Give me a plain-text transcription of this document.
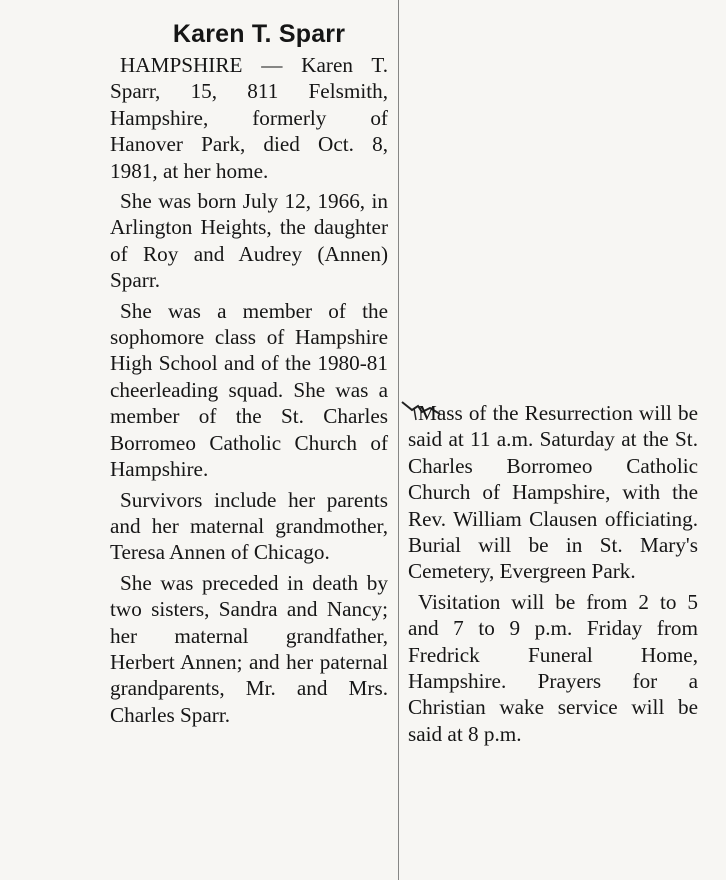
Karen T. Sparr

HAMPSHIRE — Karen T. Sparr, 15, 811 Felsmith, Hampshire, formerly of Hanover Park, died Oct. 8, 1981, at her home.

She was born July 12, 1966, in Arlington Heights, the daughter of Roy and Audrey (Annen) Sparr.

She was a member of the sophomore class of Hampshire High School and of the 1980-81 cheerleading squad. She was a member of the St. Charles Borromeo Catholic Church of Hampshire.

Survivors include her parents and her maternal grandmother, Teresa Annen of Chicago.

She was preceded in death by two sisters, Sandra and Nancy; her maternal grandfather, Herbert Annen; and her paternal grandparents, Mr. and Mrs. Charles Sparr.

Mass of the Resurrection will be said at 11 a.m. Saturday at the St. Charles Borromeo Catholic Church of Hampshire, with the Rev. William Clausen officiating. Burial will be in St. Mary's Cemetery, Evergreen Park.

Visitation will be from 2 to 5 and 7 to 9 p.m. Friday from Fredrick Funeral Home, Hampshire. Prayers for a Christian wake service will be said at 8 p.m.
